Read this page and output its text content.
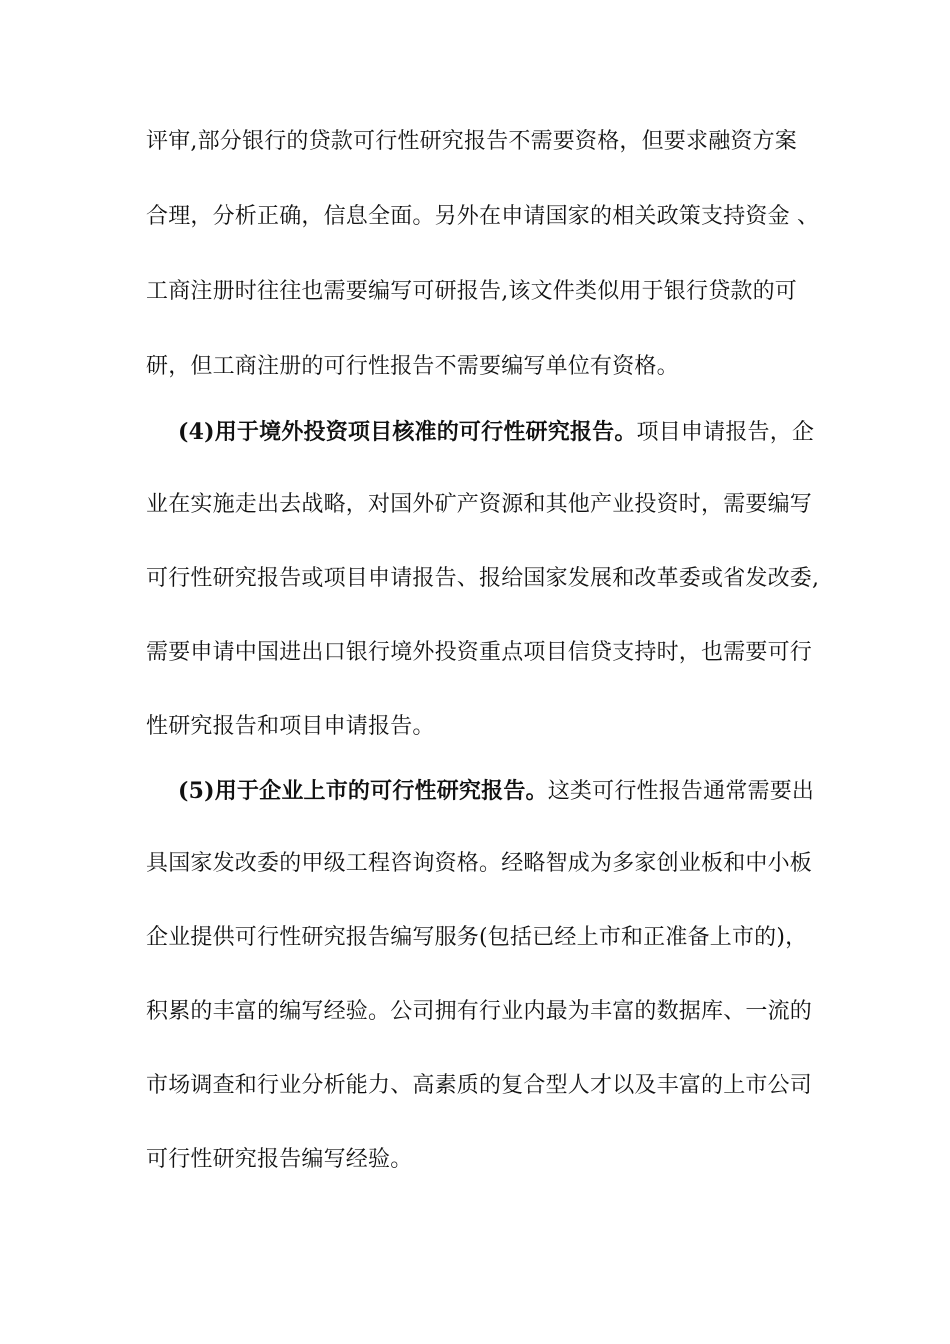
评审,部分银行的贷款可行性研究报告不需要资格，但要求融资方案
合理，分析正确，信息全面。另外在申请国家的相关政策支持资金 、
工商注册时往往也需要编写可研报告,该文件类似用于银行贷款的可
研，但工商注册的可行性报告不需要编写单位有资格。
(4)用于境外投资项目核准的可行性研究报告。项目申请报告，企
业在实施走出去战略，对国外矿产资源和其他产业投资时，需要编写
可行性研究报告或项目申请报告、报给国家发展和改革委或省发改委,
需要申请中国进出口银行境外投资重点项目信贷支持时，也需要可行
性研究报告和项目申请报告。
(5)用于企业上市的可行性研究报告。这类可行性报告通常需要出
具国家发改委的甲级工程咨询资格。经略智成为多家创业板和中小板
企业提供可行性研究报告编写服务(包括已经上市和正准备上市的)，
积累的丰富的编写经验。公司拥有行业内最为丰富的数据库、一流的
市场调查和行业分析能力、高素质的复合型人才以及丰富的上市公司
可行性研究报告编写经验。
